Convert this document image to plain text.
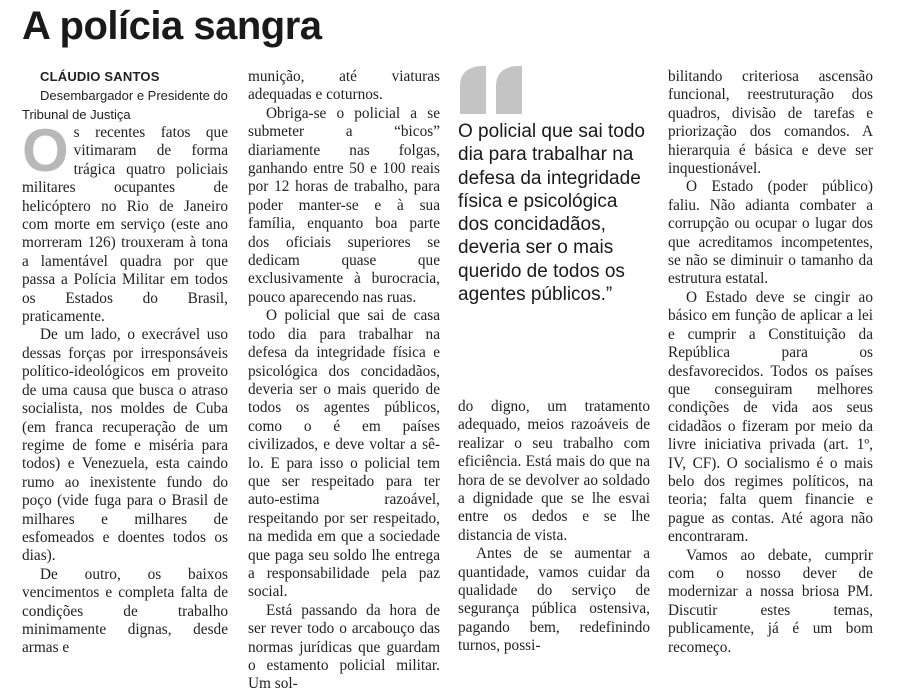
A polícia sangra

CLÁUDIO SANTOS

Desembargador e Presidente do Tribunal de Justiça

Os recentes fatos que vitimaram de forma trágica quatro policiais militares ocupantes de helicóptero no Rio de Janeiro com morte em serviço (este ano morreram 126) trouxeram à tona a lamentável quadra por que passa a Polícia Militar em todos os Estados do Brasil, praticamente.

De um lado, o execrável uso dessas forças por irresponsáveis político-ideológicos em proveito de uma causa que busca o atraso socialista, nos moldes de Cuba (em franca recuperação de um regime de fome e miséria para todos) e Venezuela, esta caindo rumo ao inexistente fundo do poço (vide fuga para o Brasil de milhares e milhares de esfomeados e doentes todos os dias).

De outro, os baixos vencimentos e completa falta de condições de trabalho minimamente dignas, desde armas e

munição, até viaturas adequadas e coturnos.

Obriga-se o policial a se submeter a “bicos” diariamente nas folgas, ganhando entre 50 e 100 reais por 12 horas de trabalho, para poder manter-se e à sua família, enquanto boa parte dos oficiais superiores se dedicam quase que exclusivamente à burocracia, pouco aparecendo nas ruas.

O policial que sai de casa todo dia para trabalhar na defesa da integridade física e psicológica dos concidadãos, deveria ser o mais querido de todos os agentes públicos, como o é em países civilizados, e deve voltar a sê-lo. E para isso o policial tem que ser respeitado para ter auto-estima razoável, respeitando por ser respeitado, na medida em que a sociedade que paga seu soldo lhe entrega a responsabilidade pela paz social.

Está passando da hora de ser rever todo o arcabouço das normas jurídicas que guardam o estamento policial militar. Um sol-

O policial que sai todo dia para trabalhar na defesa da integridade física e psicológica dos concidadãos, deveria ser o mais querido de todos os agentes públicos.”

do digno, um tratamento adequado, meios razoáveis de realizar o seu trabalho com eficiência. Está mais do que na hora de se devolver ao soldado a dignidade que se lhe esvai entre os dedos e se lhe distancia de vista.

Antes de se aumentar a quantidade, vamos cuidar da qualidade do serviço de segurança pública ostensiva, pagando bem, redefinindo turnos, possi-

bilitando criteriosa ascensão funcional, reestruturação dos quadros, divisão de tarefas e priorização dos comandos. A hierarquia é básica e deve ser inquestionável.

O Estado (poder público) faliu. Não adianta combater a corrupção ou ocupar o lugar dos que acreditamos incompetentes, se não se diminuir o tamanho da estrutura estatal.

O Estado deve se cingir ao básico em função de aplicar a lei e cumprir a Constituição da República para os desfavorecidos. Todos os países que conseguiram melhores condições de vida aos seus cidadãos o fizeram por meio da livre iniciativa privada (art. 1º, IV, CF). O socialismo é o mais belo dos regimes políticos, na teoria; falta quem financie e pague as contas. Até agora não encontraram.

Vamos ao debate, cumprir com o nosso dever de modernizar a nossa briosa PM. Discutir estes temas, publicamente, já é um bom recomeço.
